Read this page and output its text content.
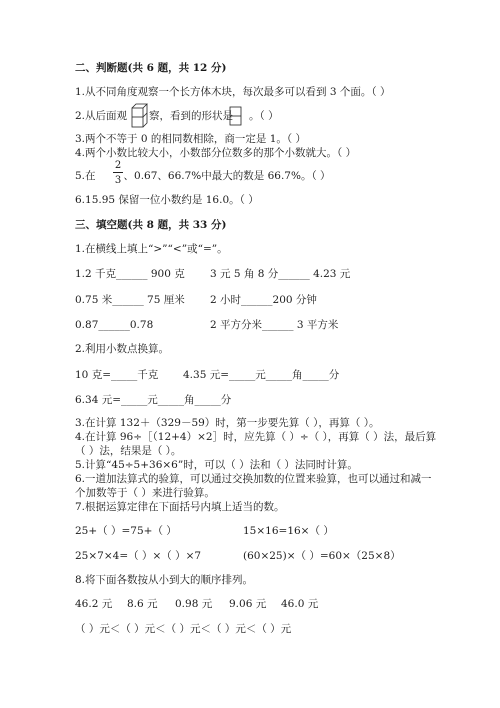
二、判断题(共 6 题，共 12 分)
1.从不同角度观察一个长方体木块，每次最多可以看到 3 个面。（ ）
2.从后面观 察，看到的形状是 。（ ）
3.两个不等于 0 的相同数相除，商一定是 1。（ ）
4.两个小数比较大小，小数部分位数多的那个小数就大。（ ）
5.在	、0.67、66.7%中最大的数是 66.7%。（ ）
2
3
6.15.95 保留一位小数约是 16.0。（ ）
三、填空题(共 8 题，共 33 分)
1.在横线上填上“>”“<”或“=”。
1.2 千克______ 900 克 3 元 5 角 8 分______ 4.23 元
0.75 米______ 75 厘米 2 小时______200 分钟
0.87______0.78	2 平方分米______ 3 平方米
2.利用小数点换算。
10 克=_____千克 4.35 元=_____元_____角_____分
6.34 元=_____元_____角_____分
3.在计算 132＋（329－59）时，第一步要先算（ ），再算（ ）。
4.在计算 96÷［（12+4）×2］时，应先算（ ）÷（ ），再算（ ）法，最后算
（ ）法，结果是（ ）。
5.计算“45÷5+36×6”时，可以（ ）法和（ ）法同时计算。
6.一道加法算式的验算，可以通过交换加数的位置来验算，也可以通过和减一
个加数等于（ ）来进行验算。
7.根据运算定律在下面括号内填上适当的数。
25+（ ）=75+（ ）	15×16=16×（ ）
25×7×4=（ ）×（ ）×7	(60×25)×（ ）=60×（25×8）
8.将下面各数按从小到大的顺序排列。
46.2 元 8.6 元 0.98 元 9.06 元 46.0 元
（ ）元＜（ ）元＜（ ）元＜（ ）元＜（ ）元
